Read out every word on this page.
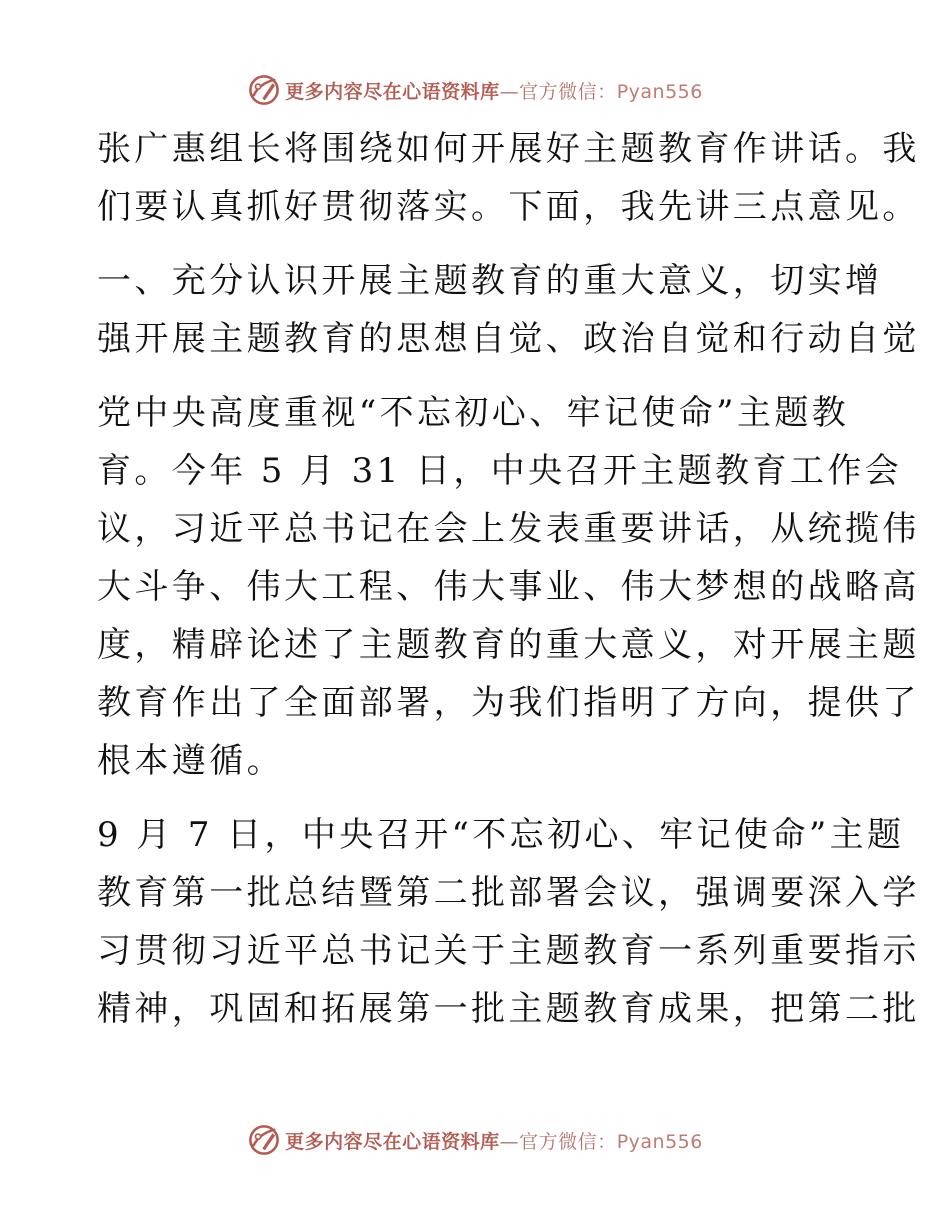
更多内容尽在心语资料库—官方微信：Pyan556

张广惠组长将围绕如何开展好主题教育作讲话。我
们要认真抓好贯彻落实。下面，我先讲三点意见。

一、充分认识开展主题教育的重大意义，切实增
强开展主题教育的思想自觉、政治自觉和行动自觉

党中央高度重视“不忘初心、牢记使命”主题教
育。今年 5 月 31 日，中央召开主题教育工作会
议，习近平总书记在会上发表重要讲话，从统揽伟
大斗争、伟大工程、伟大事业、伟大梦想的战略高
度，精辟论述了主题教育的重大意义，对开展主题
教育作出了全面部署，为我们指明了方向，提供了
根本遵循。

9 月 7 日，中央召开“不忘初心、牢记使命”主题
教育第一批总结暨第二批部署会议，强调要深入学
习贯彻习近平总书记关于主题教育一系列重要指示
精神，巩固和拓展第一批主题教育成果，把第二批

更多内容尽在心语资料库—官方微信：Pyan556
